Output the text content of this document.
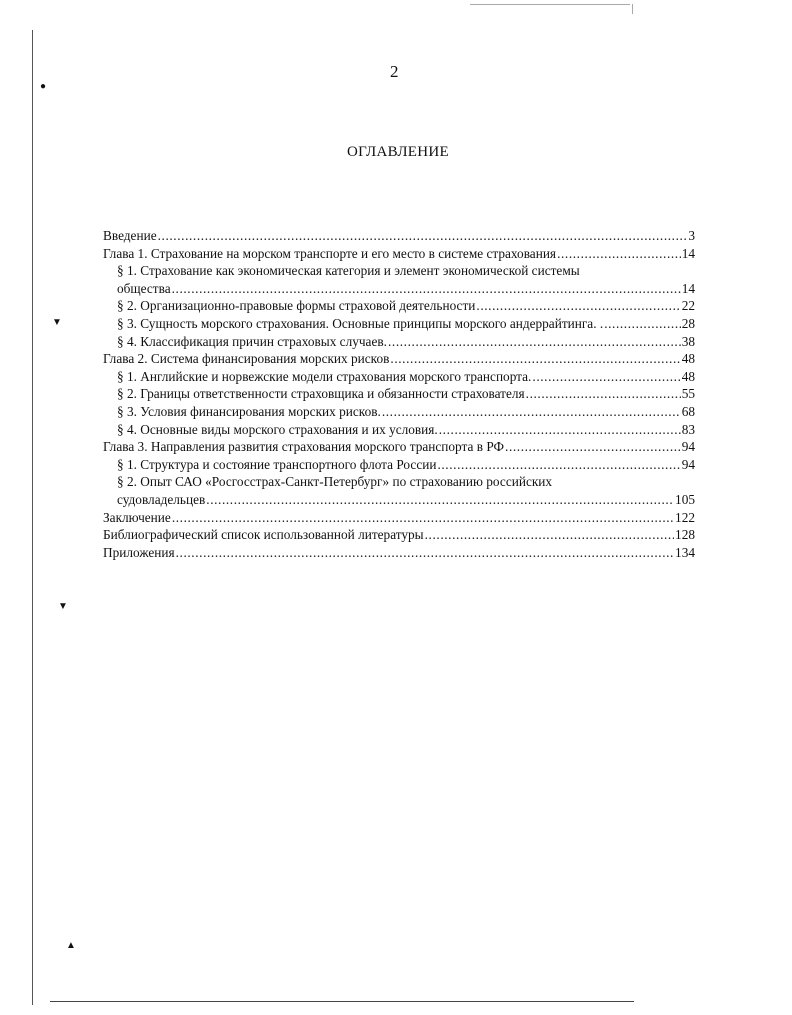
●
▼
▼
▲
2
ОГЛАВЛЕНИЕ
Введение .....	3
Глава 1. Страхование на морском транспорте и его место в системе страхования .....	14
§ 1. Страхование как экономическая категория и элемент экономической системы
общества .....	14
§ 2. Организационно-правовые формы страховой деятельности .....	22
§ 3. Сущность морского страхования. Основные принципы морского андеррайтинга. . .....	28
§ 4. Классификация причин страховых случаев. .....	38
Глава 2. Система финансирования морских рисков .....	48
§ 1. Английские и норвежские модели страхования морского транспорта. .....	48
§ 2. Границы ответственности страховщика и обязанности страхователя .....	55
§ 3. Условия финансирования морских рисков. .....	68
§ 4. Основные виды морского страхования и их условия. .....	83
Глава 3. Направления развития страхования морского транспорта в РФ .....	94
§ 1. Структура и состояние транспортного флота России .....	94
§ 2. Опыт САО «Росгосстрах-Санкт-Петербург» по страхованию российских
судовладельцев .....	105
Заключение .....	122
Библиографический список использованной литературы .....	128
Приложения .....	134
